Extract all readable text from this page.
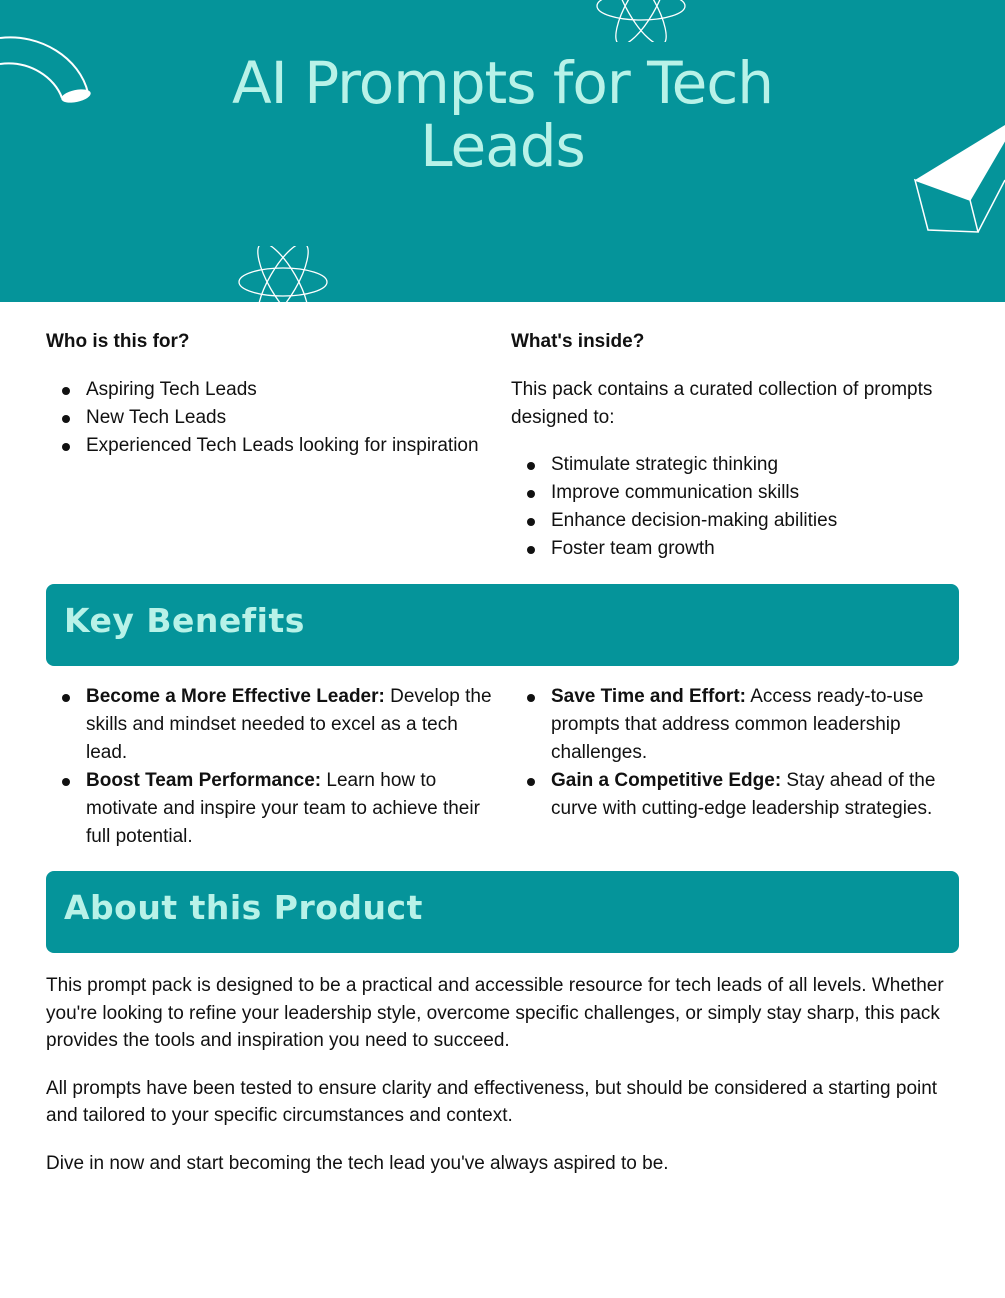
AI Prompts for Tech
Leads
Who is this for?
Aspiring Tech Leads
New Tech Leads
Experienced Tech Leads looking for inspiration
What's inside?

This pack contains a curated collection of prompts designed to:

Stimulate strategic thinking
Improve communication skills
Enhance decision-making abilities
Foster team growth
Key Benefits
Become a More Effective Leader: Develop the skills and mindset needed to excel as a tech lead.
Boost Team Performance: Learn how to motivate and inspire your team to achieve their full potential.
Save Time and Effort: Access ready-to-use prompts that address common leadership challenges.
Gain a Competitive Edge: Stay ahead of the curve with cutting-edge leadership strategies.
About this Product

This prompt pack is designed to be a practical and accessible resource for tech leads of all levels. Whether you're looking to refine your leadership style, overcome specific challenges, or simply stay sharp, this pack provides the tools and inspiration you need to succeed.

All prompts have been tested to ensure clarity and effectiveness, but should be considered a starting point and tailored to your specific circumstances and context.

Dive in now and start becoming the tech lead you've always aspired to be.
